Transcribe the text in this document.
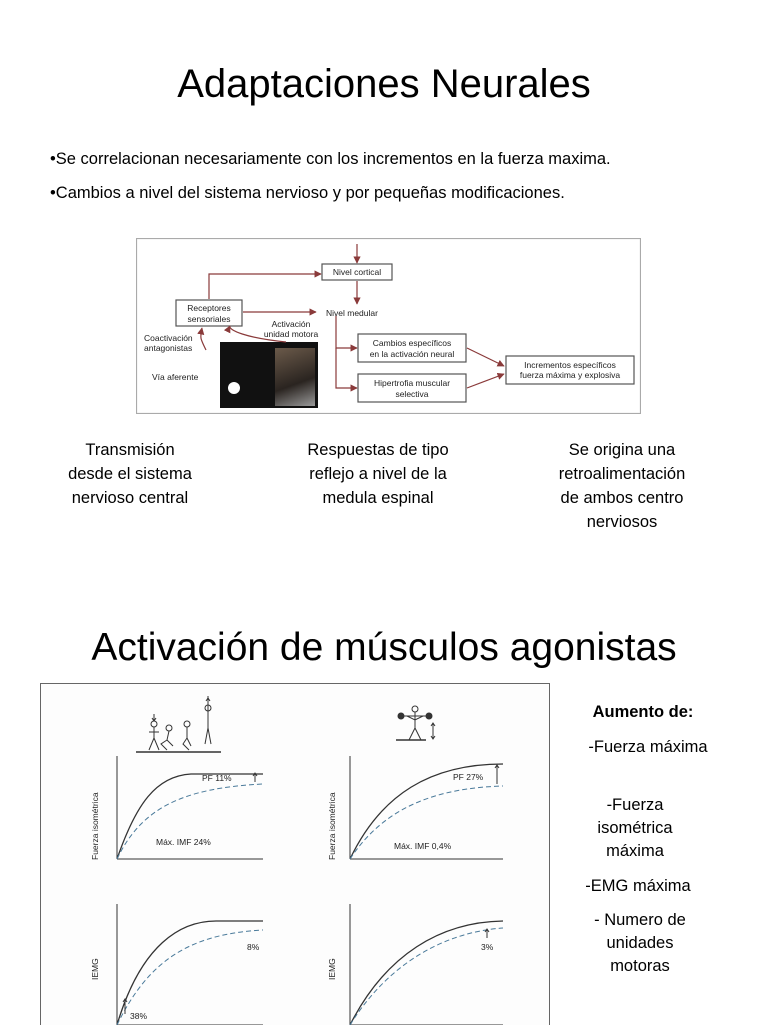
Adaptaciones Neurales
•Se correlacionan necesariamente con los incrementos en la fuerza maxima.
•Cambios a nivel del sistema nervioso y por pequeñas modificaciones.
Nivel cortical
Receptores
sensoriales
Nivel medular
Activación
unidad motora
Coactivación
antagonistas
Vía aferente
Cambios específicos
en la activación neural
Hipertrofia muscular
selectiva
Incrementos específicos
fuerza máxima y explosiva
Transmisión
desde el sistema
nervioso central
Respuestas de tipo
reflejo a nivel de la
medula espinal
Se origina una
retroalimentación
de ambos centro
nerviosos
Activación de músculos agonistas
Fuerza isométrica	Fuerza isométrica
IEMG	IEMG
PF 11%
Máx. IMF 24%
PF 27%
Máx. IMF 0,4%
8%
38%
3%
Aumento de:
-Fuerza máxima
-Fuerza
isométrica
máxima
-EMG máxima
- Numero de
unidades
motoras
